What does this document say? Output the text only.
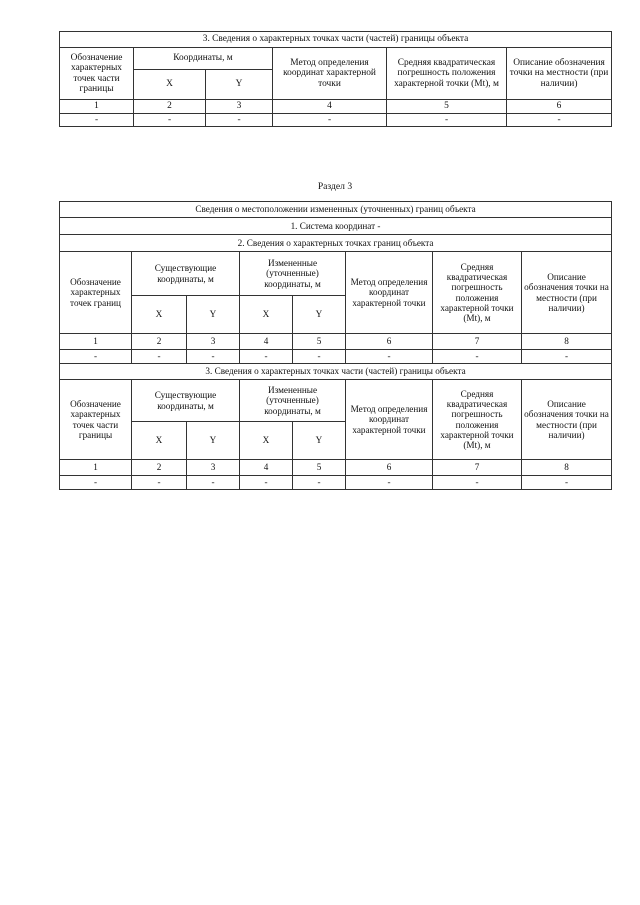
3. Сведения о характерных точках части (частей) границы объекта					
Обозначение характерных точек части границы	Координаты, м		Метод определения координат характерной точки	Средняя квадратическая погрешность положения характерной точки (Mt), м	Описание обозначения точки на местности (при наличии)
	X	Y			
1	2	3	4	5	6
-	-	-	-	-	-
Раздел 3
Сведения о местоположении измененных (уточненных) границ объекта							
1. Система координат -							
2. Сведения о характерных точках границ объекта							
Обозначение характерных точек границ	Существующие координаты, м		Измененные (уточненные) координаты, м		Метод определения координат характерной точки	Средняя квадратическая погрешность положения характерной точки (Mt), м	Описание обозначения точки на местности (при наличии)
	X	Y	X	Y			
1	2	3	4	5	6	7	8
-	-	-	-	-	-	-	-
3. Сведения о характерных точках части (частей) границы объекта							
Обозначение характерных точек части границы	Существующие координаты, м		Измененные (уточненные) координаты, м		Метод определения координат характерной точки	Средняя квадратическая погрешность положения характерной точки (Mt), м	Описание обозначения точки на местности (при наличии)
	X	Y	X	Y			
1	2	3	4	5	6	7	8
-	-	-	-	-	-	-	-
